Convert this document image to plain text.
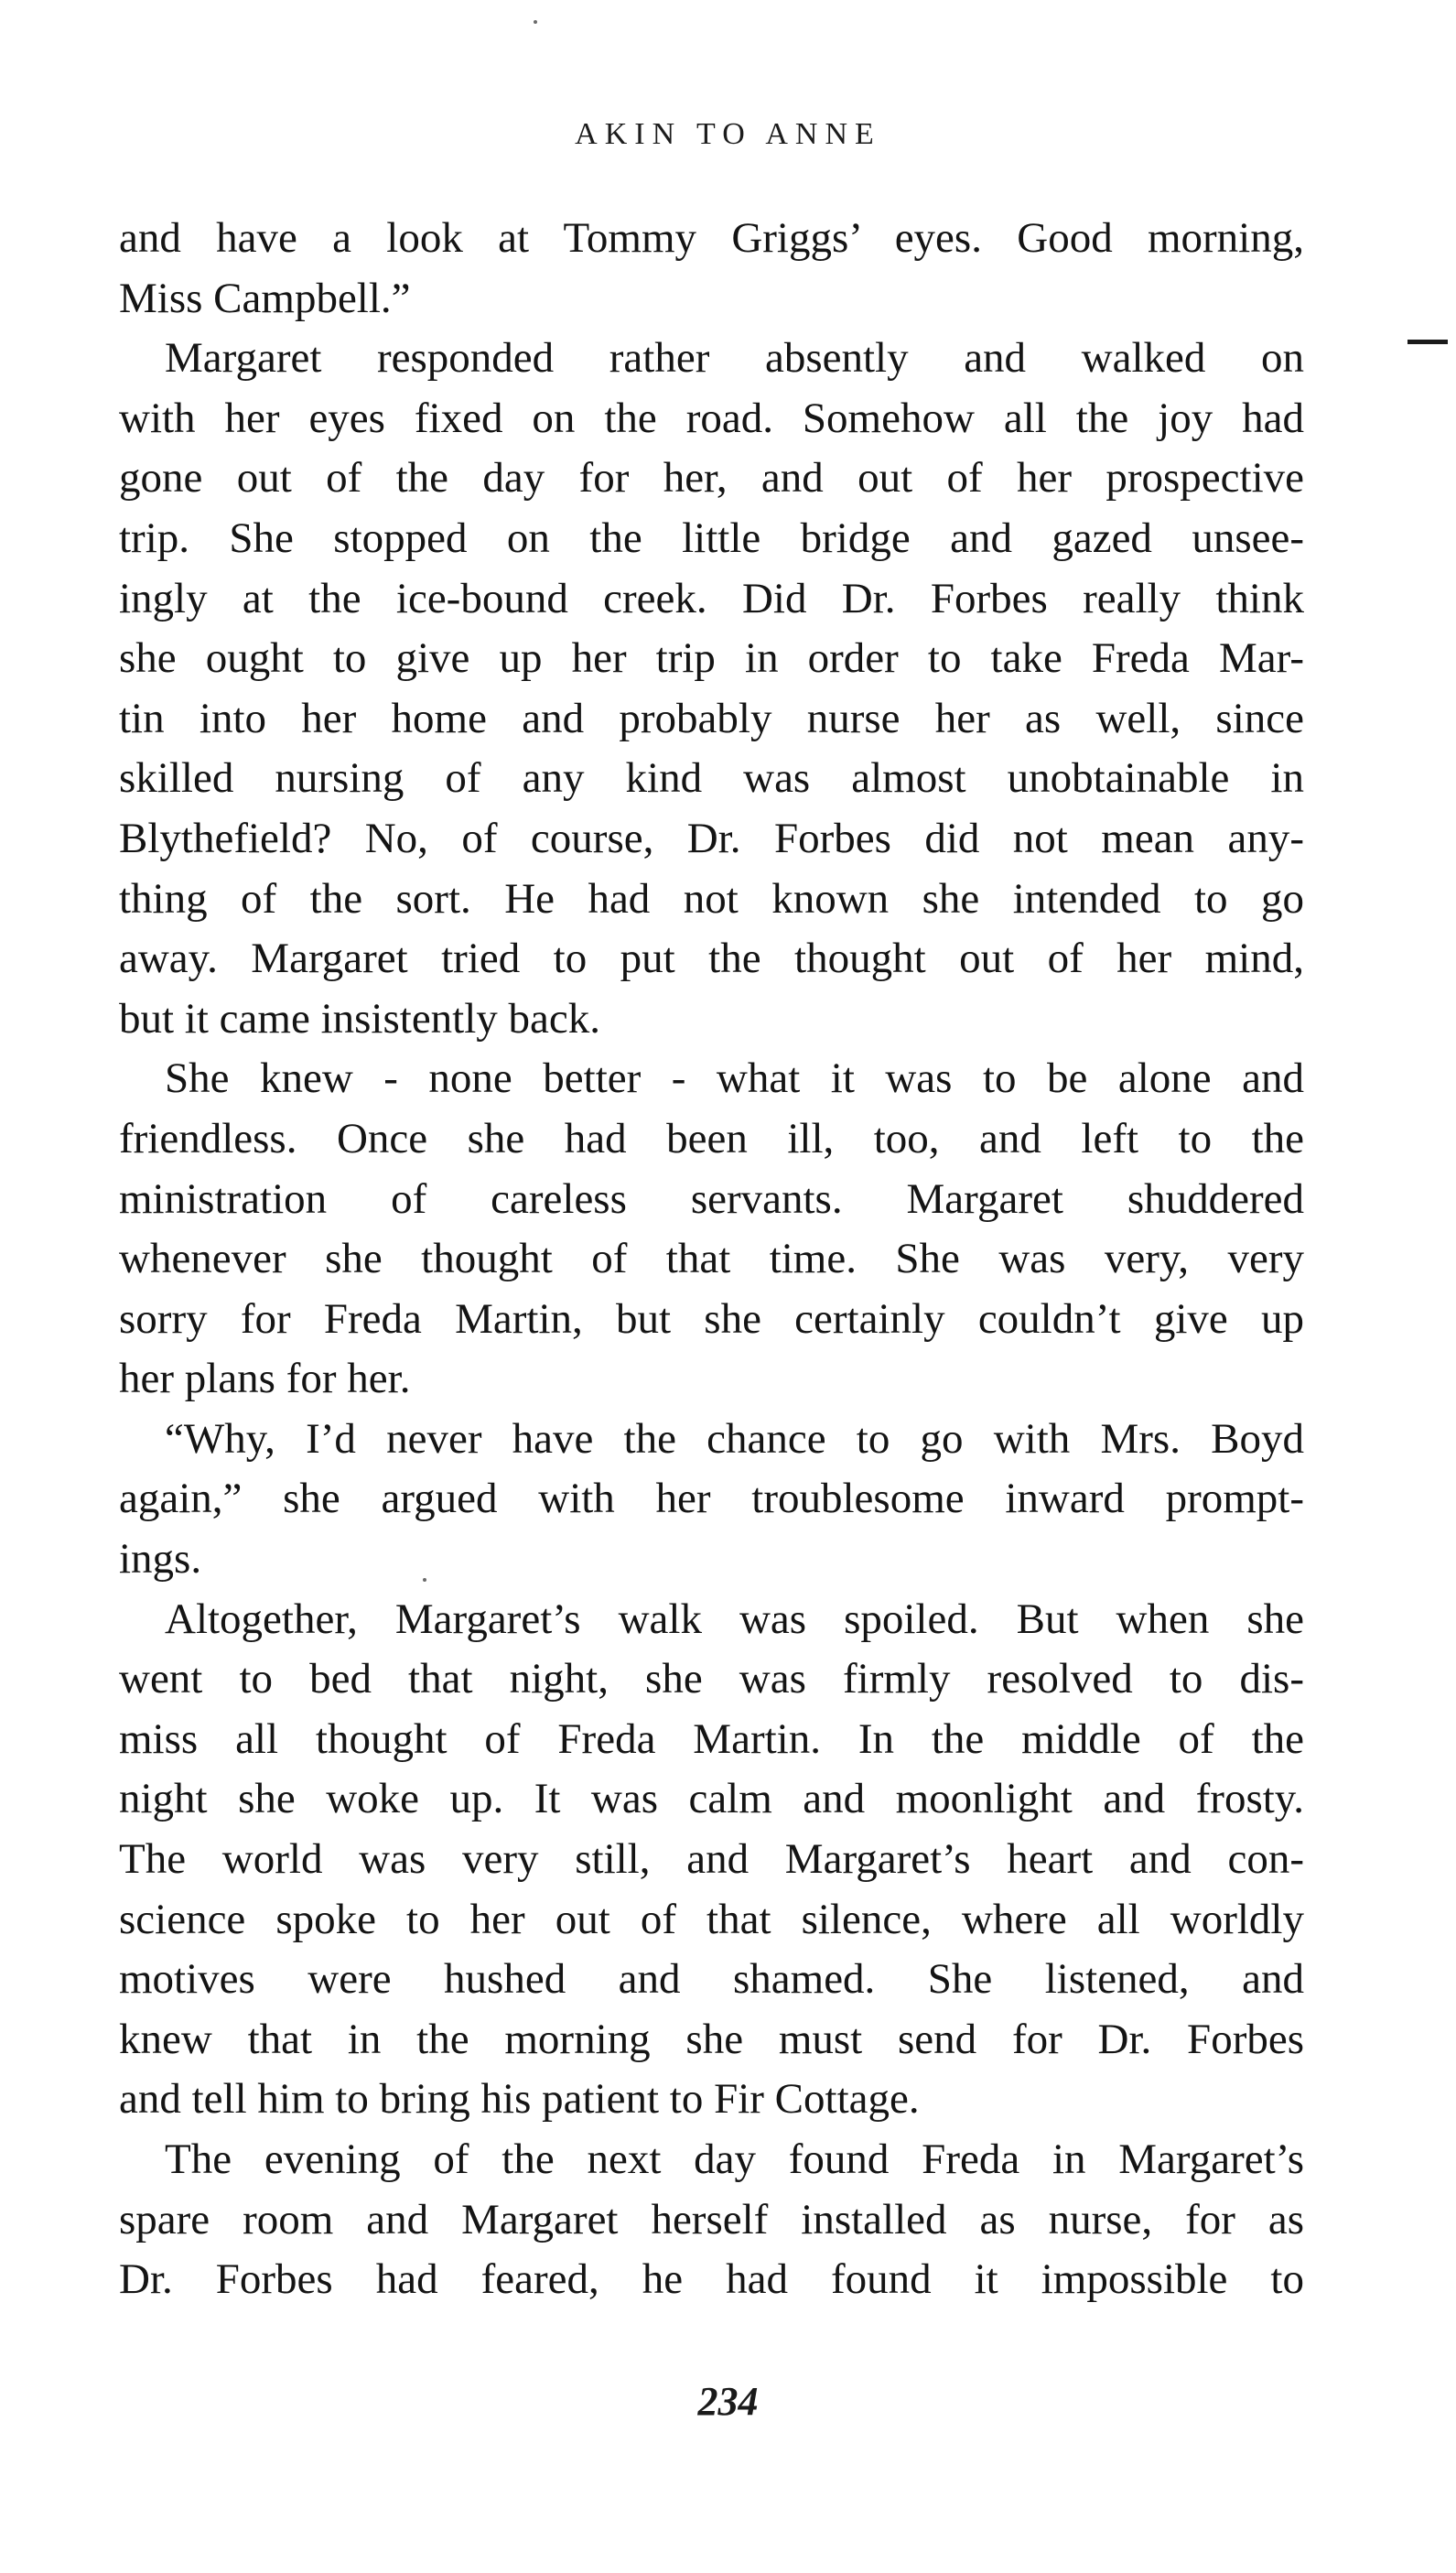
AKIN TO ANNE
and have a look at Tommy Griggs’ eyes. Good morning,
Miss Campbell.”
Margaret responded rather absently and walked on
with her eyes fixed on the road. Somehow all the joy had
gone out of the day for her, and out of her prospective
trip. She stopped on the little bridge and gazed unsee-
ingly at the ice-bound creek. Did Dr. Forbes really think
she ought to give up her trip in order to take Freda Mar-
tin into her home and probably nurse her as well, since
skilled nursing of any kind was almost unobtainable in
Blythefield? No, of course, Dr. Forbes did not mean any-
thing of the sort. He had not known she intended to go
away. Margaret tried to put the thought out of her mind,
but it came insistently back.
She knew - none better - what it was to be alone and
friendless. Once she had been ill, too, and left to the
ministration of careless servants. Margaret shuddered
whenever she thought of that time. She was very, very
sorry for Freda Martin, but she certainly couldn’t give up
her plans for her.
“Why, I’d never have the chance to go with Mrs. Boyd
again,” she argued with her troublesome inward prompt-
ings.
Altogether, Margaret’s walk was spoiled. But when she
went to bed that night, she was firmly resolved to dis-
miss all thought of Freda Martin. In the middle of the
night she woke up. It was calm and moonlight and frosty.
The world was very still, and Margaret’s heart and con-
science spoke to her out of that silence, where all worldly
motives were hushed and shamed. She listened, and
knew that in the morning she must send for Dr. Forbes
and tell him to bring his patient to Fir Cottage.
The evening of the next day found Freda in Margaret’s
spare room and Margaret herself installed as nurse, for as
Dr. Forbes had feared, he had found it impossible to
234
